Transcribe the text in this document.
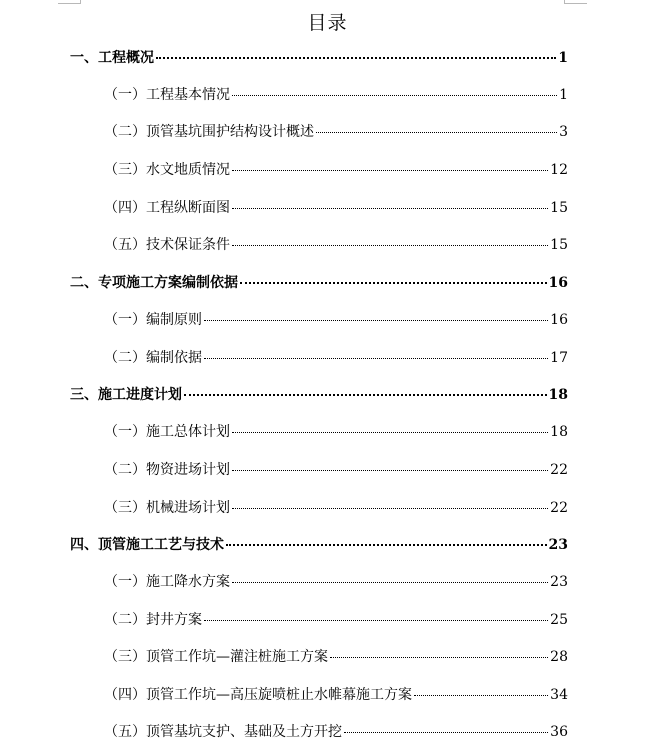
目录
一、工程概况	1
（一）工程基本情况	1
（二）顶管基坑围护结构设计概述	3
（三）水文地质情况	12
（四）工程纵断面图	15
（五）技术保证条件	15
二、专项施工方案编制依据	16
（一）编制原则	16
（二）编制依据	17
三、施工进度计划	18
（一）施工总体计划	18
（二）物资进场计划	22
（三）机械进场计划	22
四、顶管施工工艺与技术	23
（一）施工降水方案	23
（二）封井方案	25
（三）顶管工作坑—灌注桩施工方案	28
（四）顶管工作坑—高压旋喷桩止水帷幕施工方案	34
（五）顶管基坑支护、基础及土方开挖	36
